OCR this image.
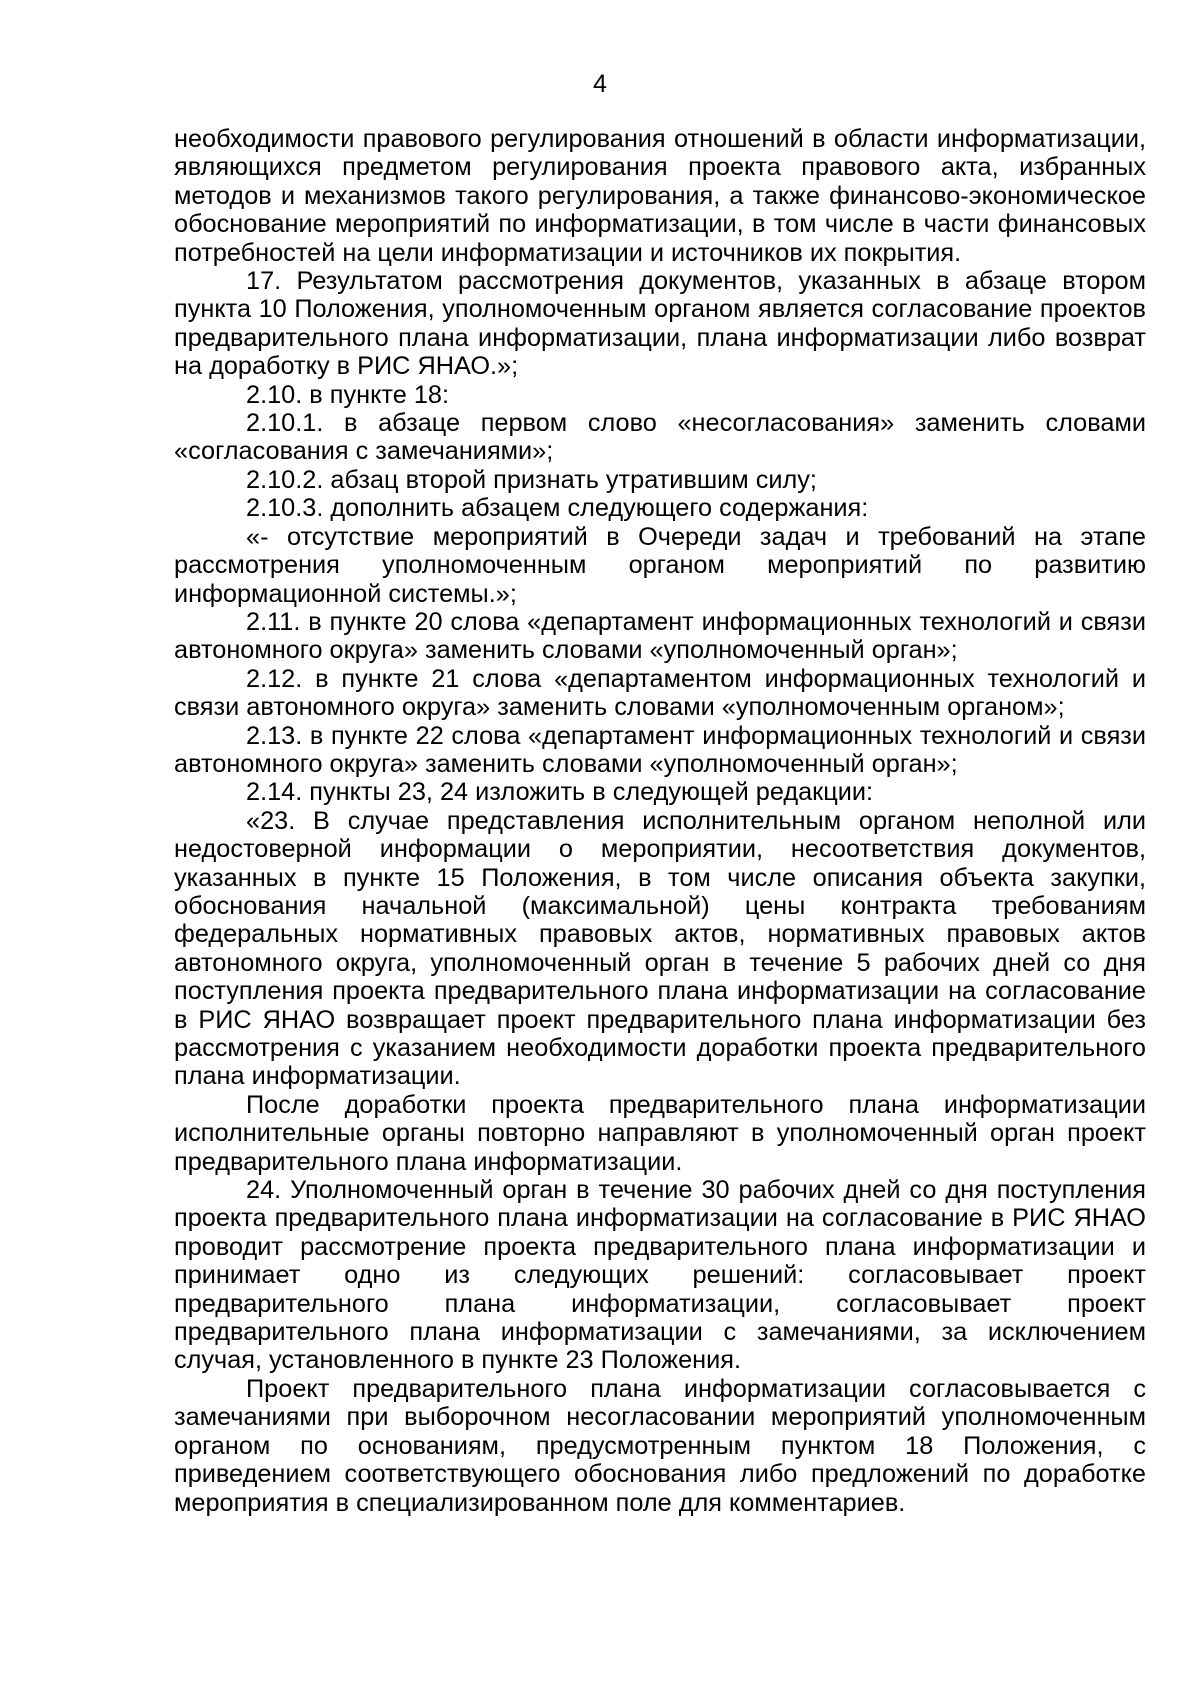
4

необходимости правового регулирования отношений в области информатизации, являющихся предметом регулирования проекта правового акта, избранных методов и механизмов такого регулирования, а также финансово-экономическое обоснование мероприятий по информатизации, в том числе в части финансовых потребностей на цели информатизации и источников их покрытия.

17. Результатом рассмотрения документов, указанных в абзаце втором пункта 10 Положения, уполномоченным органом является согласование проектов предварительного плана информатизации, плана информатизации либо возврат на доработку в РИС ЯНАО.»;

2.10. в пункте 18:

2.10.1. в абзаце первом слово «несогласования» заменить словами «согласования с замечаниями»;

2.10.2. абзац второй признать утратившим силу;

2.10.3. дополнить абзацем следующего содержания:

«- отсутствие мероприятий в Очереди задач и требований на этапе рассмотрения уполномоченным органом мероприятий по развитию информационной системы.»;

2.11. в пункте 20 слова «департамент информационных технологий и связи автономного округа» заменить словами «уполномоченный орган»;

2.12. в пункте 21 слова «департаментом информационных технологий и связи автономного округа» заменить словами «уполномоченным органом»;

2.13. в пункте 22 слова «департамент информационных технологий и связи автономного округа» заменить словами «уполномоченный орган»;

2.14. пункты 23, 24 изложить в следующей редакции:

«23. В случае представления исполнительным органом неполной или недостоверной информации о мероприятии, несоответствия документов, указанных в пункте 15 Положения, в том числе описания объекта закупки, обоснования начальной (максимальной) цены контракта требованиям федеральных нормативных правовых актов, нормативных правовых актов автономного округа, уполномоченный орган в течение 5 рабочих дней со дня поступления проекта предварительного плана информатизации на согласование в РИС ЯНАО возвращает проект предварительного плана информатизации без рассмотрения с указанием необходимости доработки проекта предварительного плана информатизации.

После доработки проекта предварительного плана информатизации исполнительные органы повторно направляют в уполномоченный орган проект предварительного плана информатизации.

24. Уполномоченный орган в течение 30 рабочих дней со дня поступления проекта предварительного плана информатизации на согласование в РИС ЯНАО проводит рассмотрение проекта предварительного плана информатизации и принимает одно из следующих решений: согласовывает проект предварительного плана информатизации, согласовывает проект предварительного плана информатизации с замечаниями, за исключением случая, установленного в пункте 23 Положения.

Проект предварительного плана информатизации согласовывается с замечаниями при выборочном несогласовании мероприятий уполномоченным органом по основаниям, предусмотренным пунктом 18 Положения, с приведением соответствующего обоснования либо предложений по доработке мероприятия в специализированном поле для комментариев.
